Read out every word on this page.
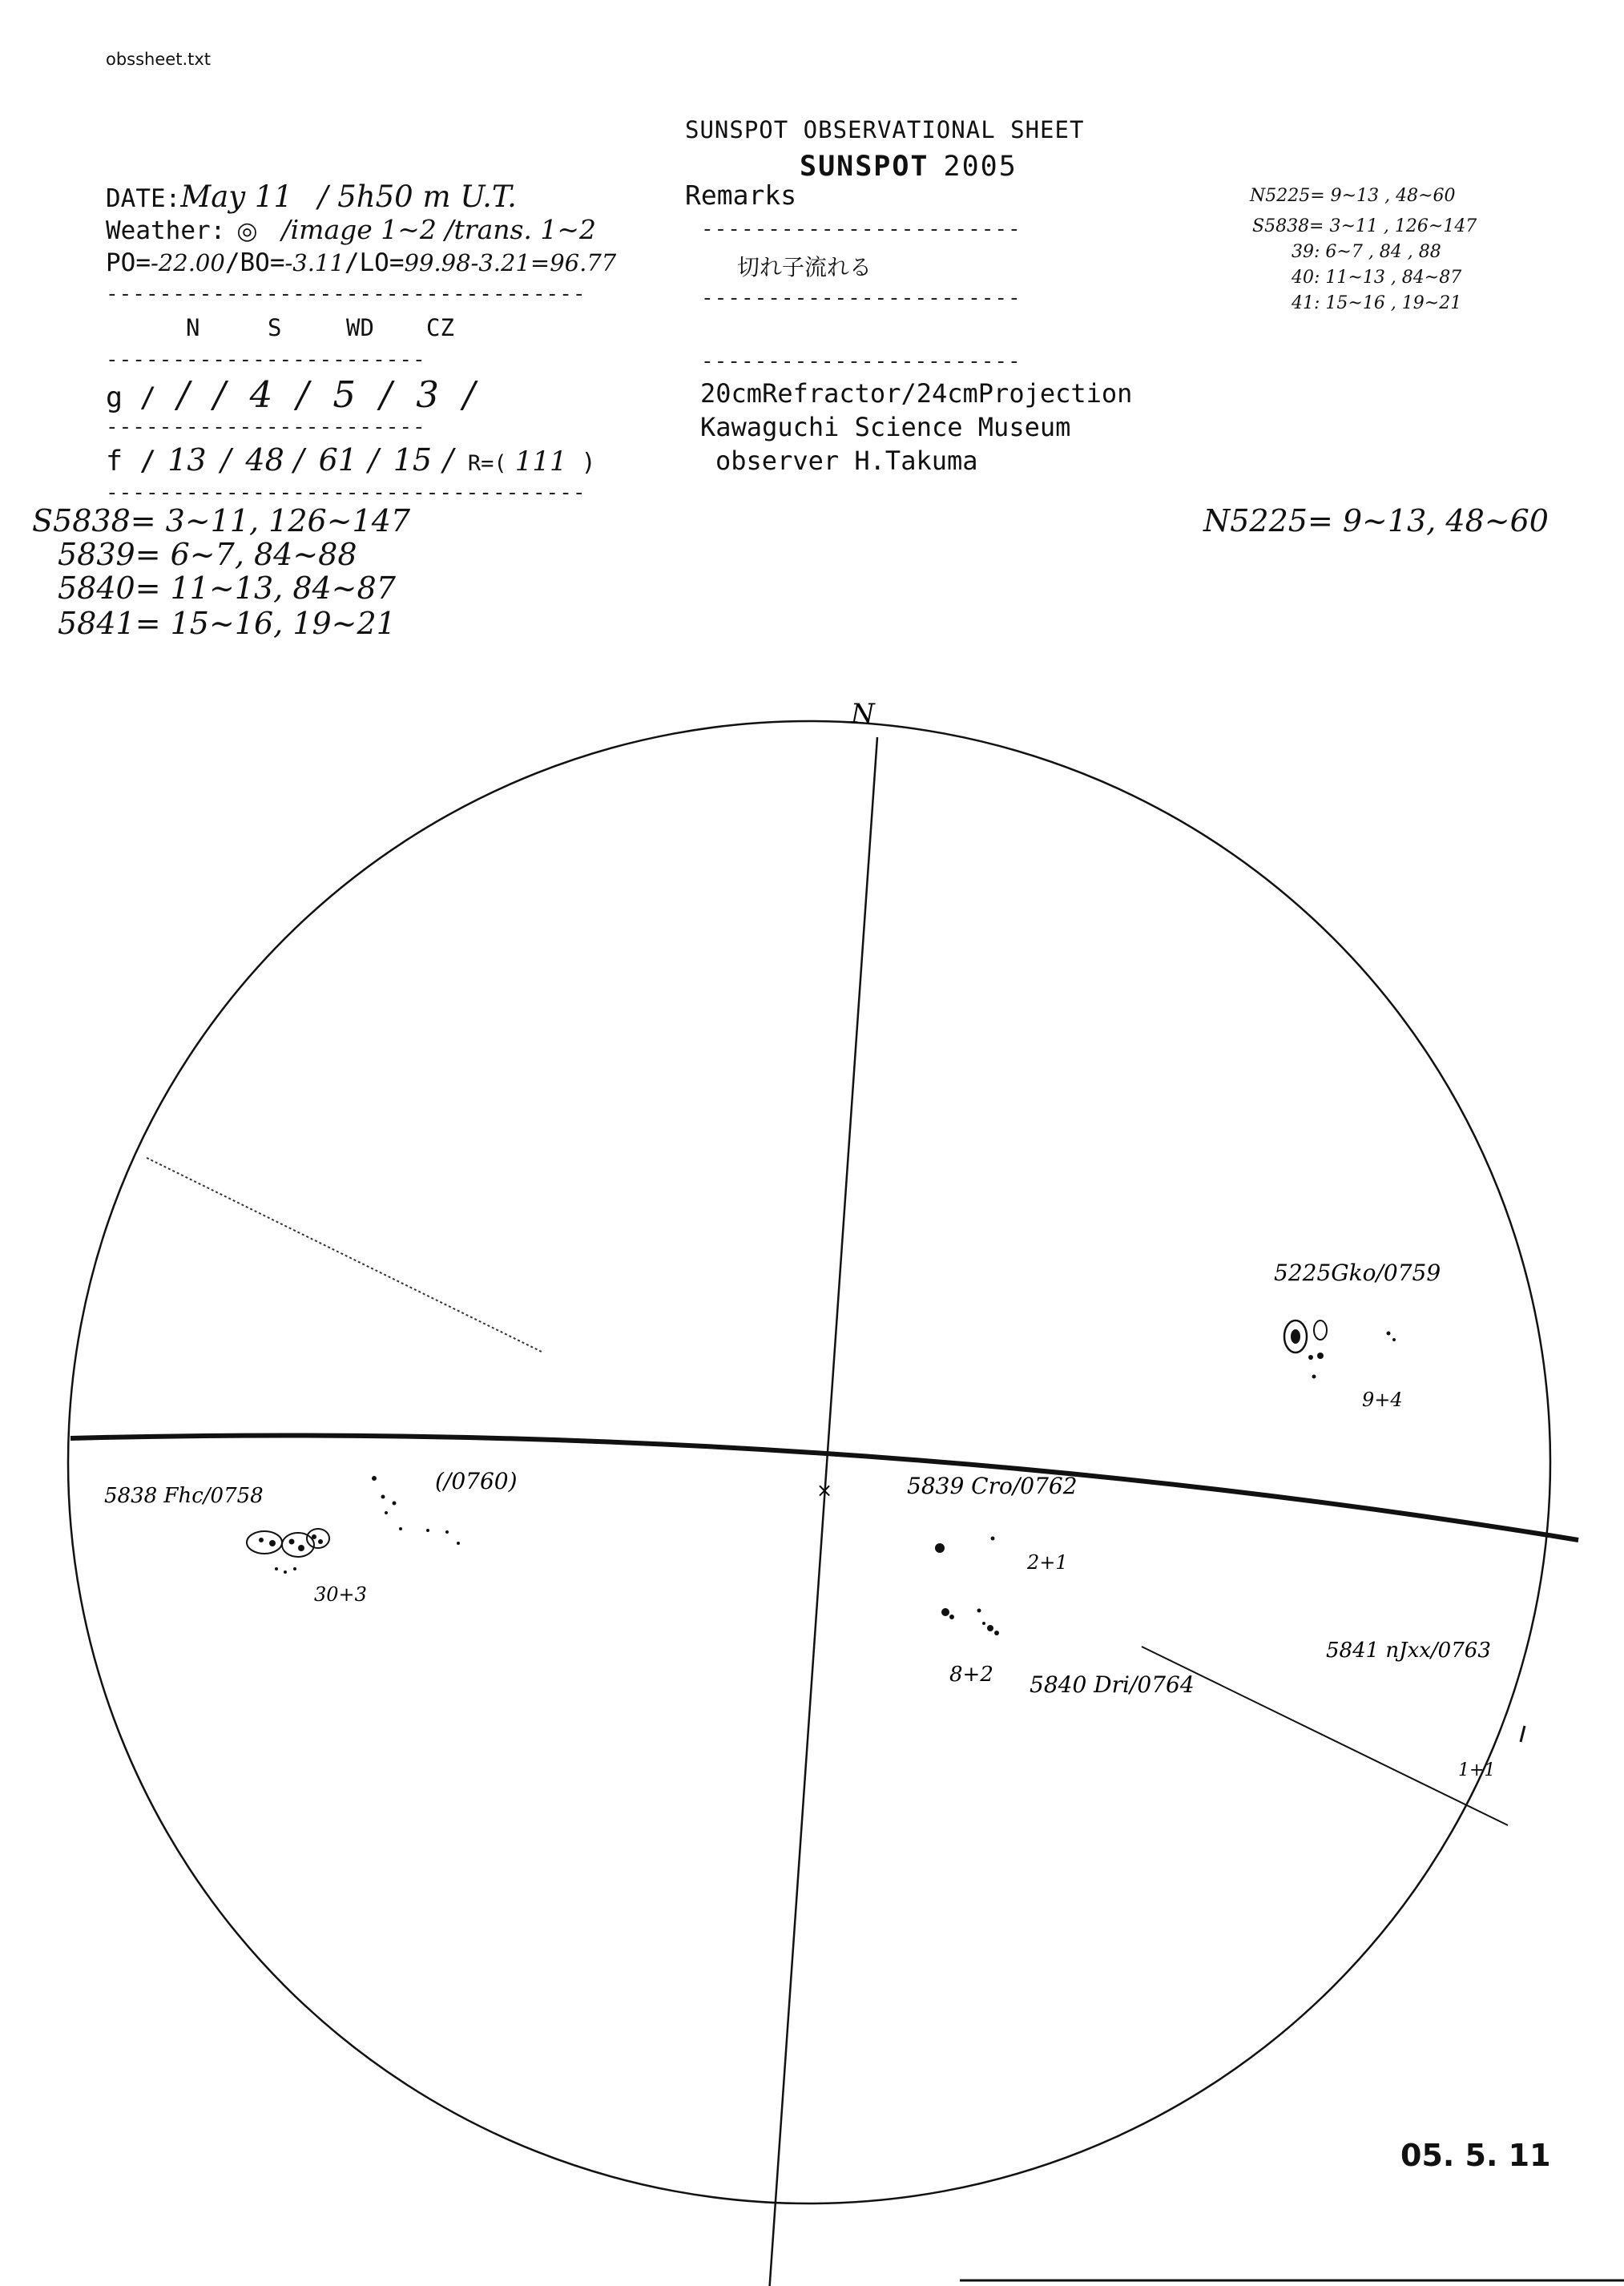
obssheet.txt
SUNSPOT OBSERVATIONAL SHEET
SUNSPOT 2005
DATE:May 11 / 5h50 m U.T.
Weather: ◎ /image 1~2 /trans. 1~2
PO=-22.00/BO=-3.11/LO=99.98-3.21=96.77
------------------------------------
N	S	WD CZ
------------------------
g / / / 4 / 5 / 3 /
------------------------
f / 13 / 48 / 61 / 15 / R=( 111 )
------------------------------------
Remarks
------------------------
切れ子流れる
------------------------
------------------------
20cmRefractor/24cmProjection
Kawaguchi Science Museum
observer H.Takuma
N5225= 9~13 , 48~60
S5838= 3~11 , 126~147
39: 6~7 , 84 , 88
40: 11~13 , 84~87
41: 15~16 , 19~21
S5838= 3~11, 126~147
5839= 6~7, 84~88
5840= 11~13, 84~87
5841= 15~16, 19~21
N5225= 9~13, 48~60
N
×
5225Gko/0759
9+4
5838 Fhc/0758
30+3
(/0760)	5839 Cro/0762
2+1
8+2 5840 Dri/0764
5841 nJxx/0763
1+1
05. 5. 11
